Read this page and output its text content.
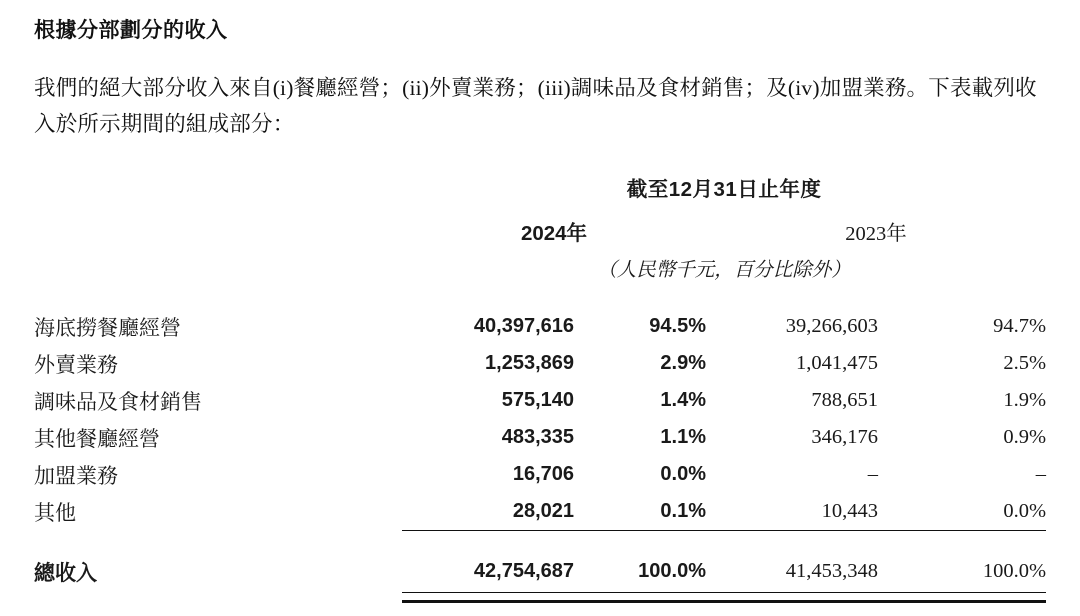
根據分部劃分的收入

我們的絕大部分收入來自(i)餐廳經營；(ii)外賣業務；(iii)調味品及食材銷售；及(iv)加盟業務。下表載列收入於所示期間的組成部分：

	截至12月31日止年度			
	2024年		2023年	
	（人民幣千元，百分比除外）			
海底撈餐廳經營	40,397,616	94.5%	39,266,603	94.7%
外賣業務	1,253,869	2.9%	1,041,475	2.5%
調味品及食材銷售	575,140	1.4%	788,651	1.9%
其他餐廳經營	483,335	1.1%	346,176	0.9%
加盟業務	16,706	0.0%	–	–
其他	28,021	0.1%	10,443	0.0%

總收入	42,754,687	100.0%	41,453,348	100.0%
